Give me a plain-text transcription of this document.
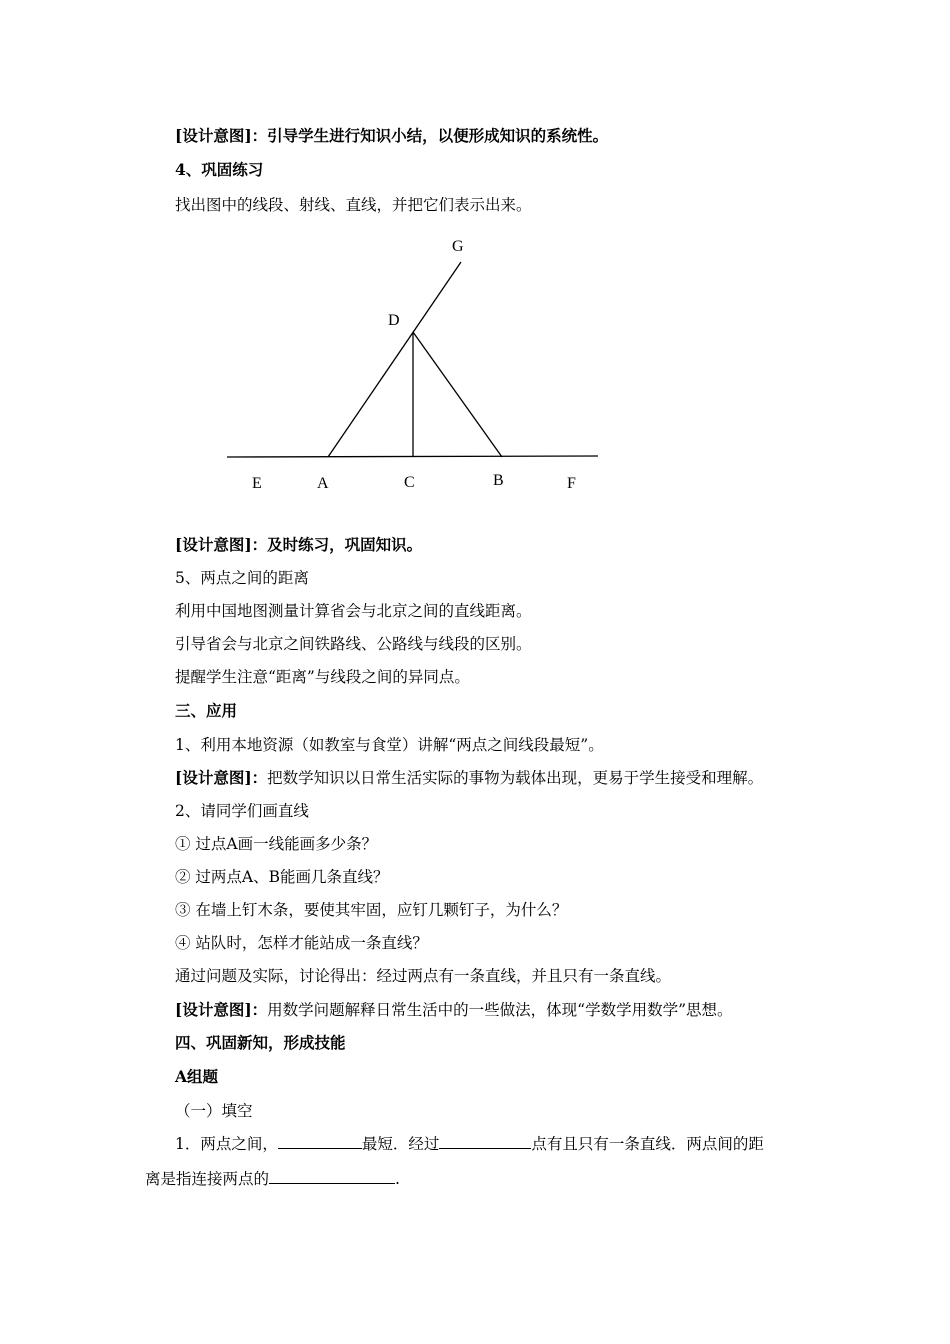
[设计意图]：引导学生进行知识小结，以便形成知识的系统性。
4、巩固练习
找出图中的线段、射线、直线，并把它们表示出来。
G
D
E	A	C	B	F
[设计意图]：及时练习，巩固知识。
5、两点之间的距离
利用中国地图测量计算省会与北京之间的直线距离。
引导省会与北京之间铁路线、公路线与线段的区别。
提醒学生注意“距离”与线段之间的异同点。
三、应用
1、利用本地资源（如教室与食堂）讲解“两点之间线段最短”。
[设计意图]：把数学知识以日常生活实际的事物为载体出现，更易于学生接受和理解。
2、请同学们画直线
① 过点A画一线能画多少条？
② 过两点A、B能画几条直线？
③ 在墙上钉木条，要使其牢固，应钉几颗钉子，为什么？
④ 站队时，怎样才能站成一条直线？
通过问题及实际，讨论得出：经过两点有一条直线，并且只有一条直线。
[设计意图]：用数学问题解释日常生活中的一些做法，体现“学数学用数学”思想。
四、巩固新知，形成技能
A组题
（一）填空
1．两点之间，	最短．经过	点有且只有一条直线．两点间的距
离是指连接两点的	.
